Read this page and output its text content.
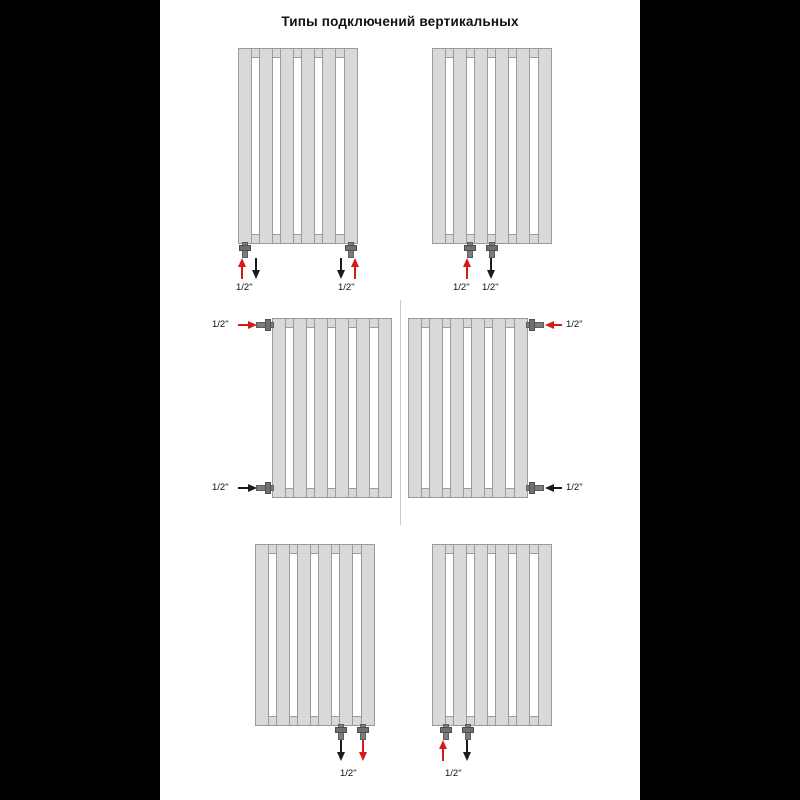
Типы подключений вертикальных
1/2"	1/2"	1/2" 1/2"
1/2"
1/2"
1/2"
1/2"
1/2"	1/2"
